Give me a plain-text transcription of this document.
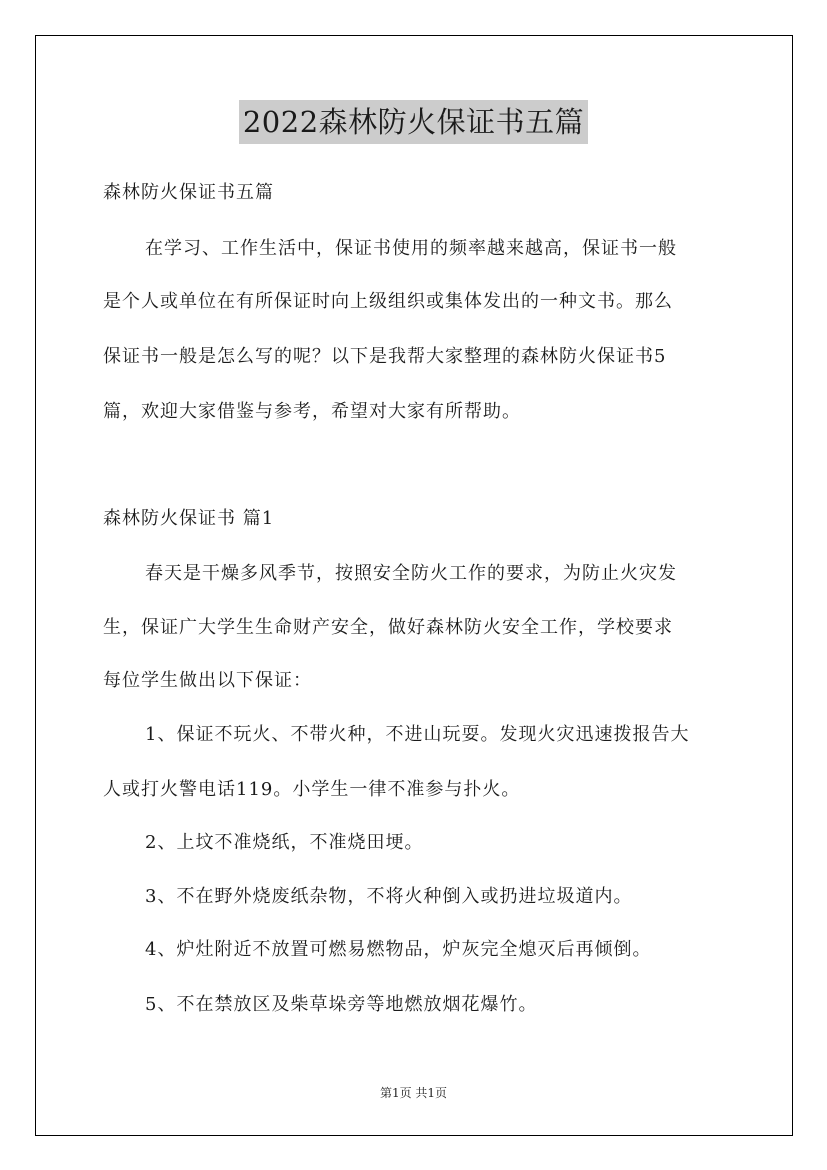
2022森林防火保证书五篇
森林防火保证书五篇
在学习、工作生活中，保证书使用的频率越来越高，保证书一般
是个人或单位在有所保证时向上级组织或集体发出的一种文书。那么
保证书一般是怎么写的呢？以下是我帮大家整理的森林防火保证书5
篇，欢迎大家借鉴与参考，希望对大家有所帮助。
森林防火保证书 篇1
春天是干燥多风季节，按照安全防火工作的要求，为防止火灾发
生，保证广大学生生命财产安全，做好森林防火安全工作，学校要求
每位学生做出以下保证：
1、保证不玩火、不带火种，不进山玩耍。发现火灾迅速拨报告大
人或打火警电话119。小学生一律不准参与扑火。
2、上坟不准烧纸，不准烧田埂。
3、不在野外烧废纸杂物，不将火种倒入或扔进垃圾道内。
4、炉灶附近不放置可燃易燃物品，炉灰完全熄灭后再倾倒。
5、不在禁放区及柴草垛旁等地燃放烟花爆竹。
第1页 共1页
